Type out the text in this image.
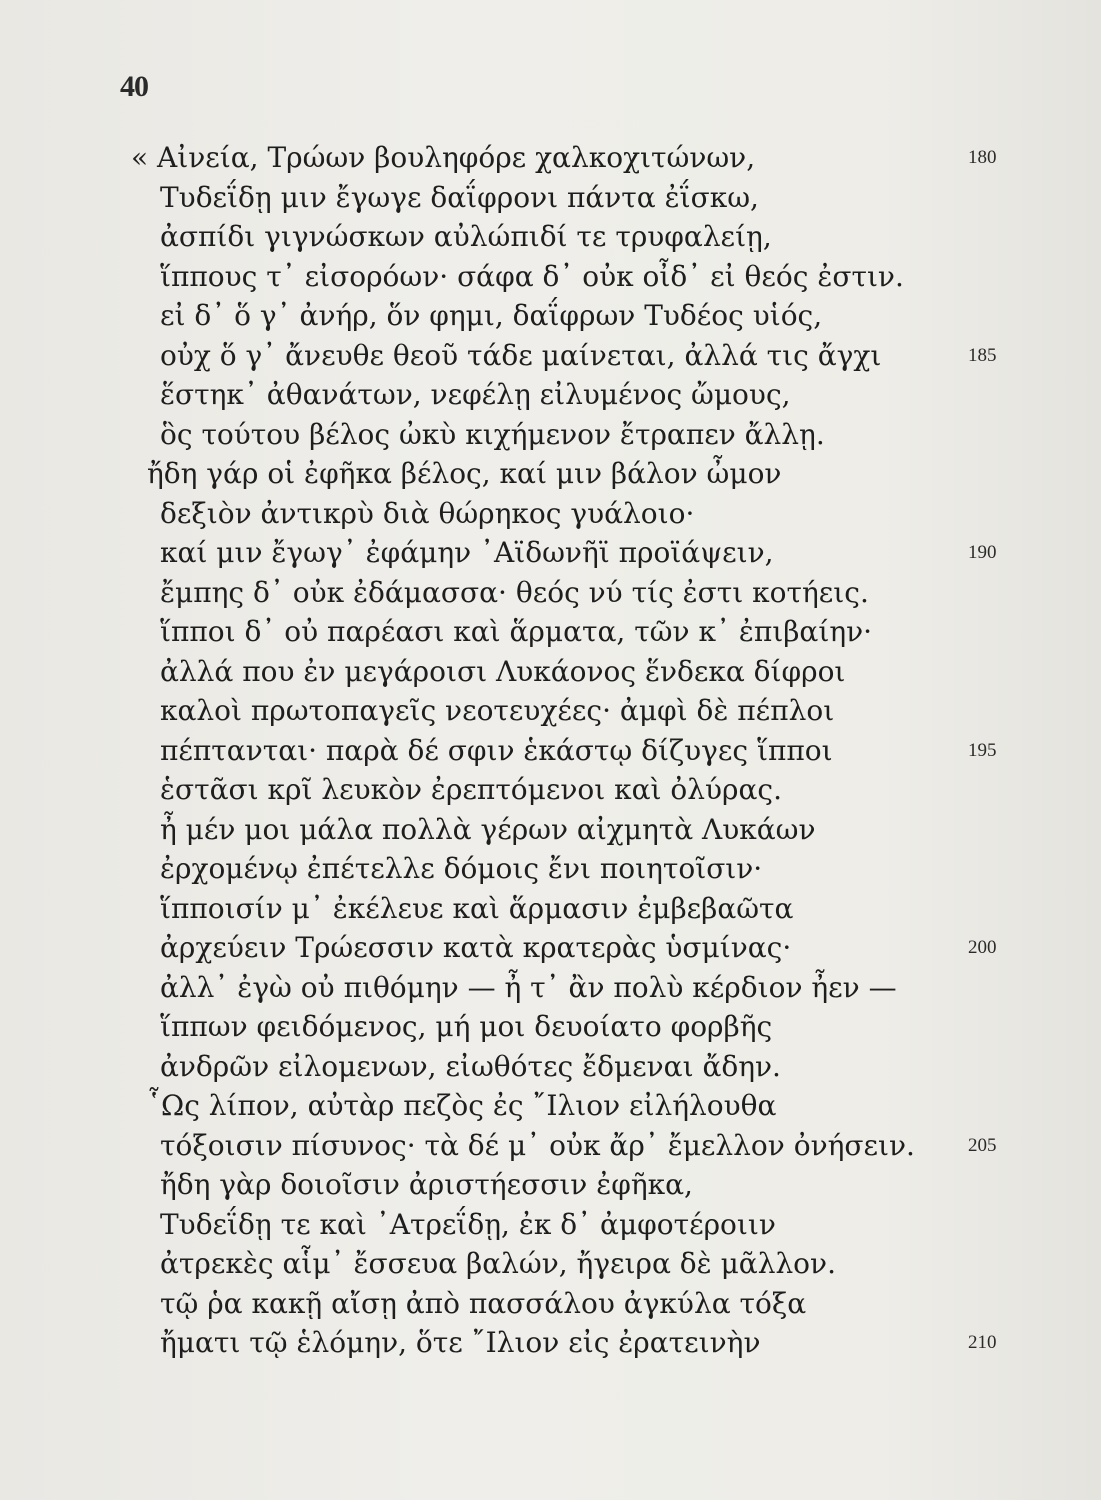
40
« Αἰνεία, Τρώων βουληφόρε χαλκοχιτώνων,	180
Τυδεΐδῃ μιν ἔγωγε δαΐφρονι πάντα ἐΐσκω,
ἀσπίδι γιγνώσκων αὐλώπιδί τε τρυφαλείῃ,
ἵππους τ᾽ εἰσορόων· σάφα δ᾽ οὐκ οἶδ᾽ εἰ θεός ἐστιν.
εἰ δ᾽ ὅ γ᾽ ἀνήρ, ὅν φημι, δαΐφρων Τυδέος υἱός,
οὐχ ὅ γ᾽ ἄνευθε θεοῦ τάδε μαίνεται, ἀλλά τις ἄγχι	185
ἕστηκ᾽ ἀθανάτων, νεφέλῃ εἰλυμένος ὤμους,
ὃς τούτου βέλος ὠκὺ κιχήμενον ἔτραπεν ἄλλῃ.
ἤδη γάρ οἱ ἐφῆκα βέλος, καί μιν βάλον ὦμον
δεξιὸν ἀντικρὺ διὰ θώρηκος γυάλοιο·
καί μιν ἔγωγ᾽ ἐφάμην ᾽Αϊδωνῆϊ προϊάψειν,	190
ἔμπης δ᾽ οὐκ ἐδάμασσα· θεός νύ τίς ἐστι κοτήεις.
ἵπποι δ᾽ οὐ παρέασι καὶ ἅρματα, τῶν κ᾽ ἐπιβαίην·
ἀλλά που ἐν μεγάροισι Λυκάονος ἕνδεκα δίφροι
καλοὶ πρωτοπαγεῖς νεοτευχέες· ἀμφὶ δὲ πέπλοι
πέπτανται· παρὰ δέ σφιν ἑκάστῳ δίζυγες ἵπποι	195
ἑστᾶσι κρῖ λευκὸν ἐρεπτόμενοι καὶ ὀλύρας.
ἦ μέν μοι μάλα πολλὰ γέρων αἰχμητὰ Λυκάων
ἐρχομένῳ ἐπέτελλε δόμοις ἔνι ποιητοῖσιν·
ἵπποισίν μ᾽ ἐκέλευε καὶ ἅρμασιν ἐμβεβαῶτα
ἀρχεύειν Τρώεσσιν κατὰ κρατερὰς ὑσμίνας·	200
ἀλλ᾽ ἐγὼ οὐ πιθόμην — ἦ τ᾽ ἂν πολὺ κέρδιον ἦεν —
ἵππων φειδόμενος, μή μοι δευοίατο φορβῆς
ἀνδρῶν εἰλομενων, εἰωθότες ἔδμεναι ἄδην.
῟Ως λίπον, αὐτὰρ πεζὸς ἐς ῎Ιλιον εἰλήλουθα
τόξοισιν πίσυνος· τὰ δέ μ᾽ οὐκ ἄρ᾽ ἔμελλον ὀνήσειν.	205
ἤδη γὰρ δοιοῖσιν ἀριστήεσσιν ἐφῆκα,
Τυδεΐδῃ τε καὶ ᾽Ατρεΐδῃ, ἐκ δ᾽ ἀμφοτέροιιν
ἀτρεκὲς αἷμ᾽ ἔσσευα βαλών, ἤγειρα δὲ μᾶλλον.
τῷ ῥα κακῇ αἴσῃ ἀπὸ πασσάλου ἀγκύλα τόξα
ἤματι τῷ ἑλόμην, ὅτε ῎Ιλιον εἰς ἐρατεινὴν	210
